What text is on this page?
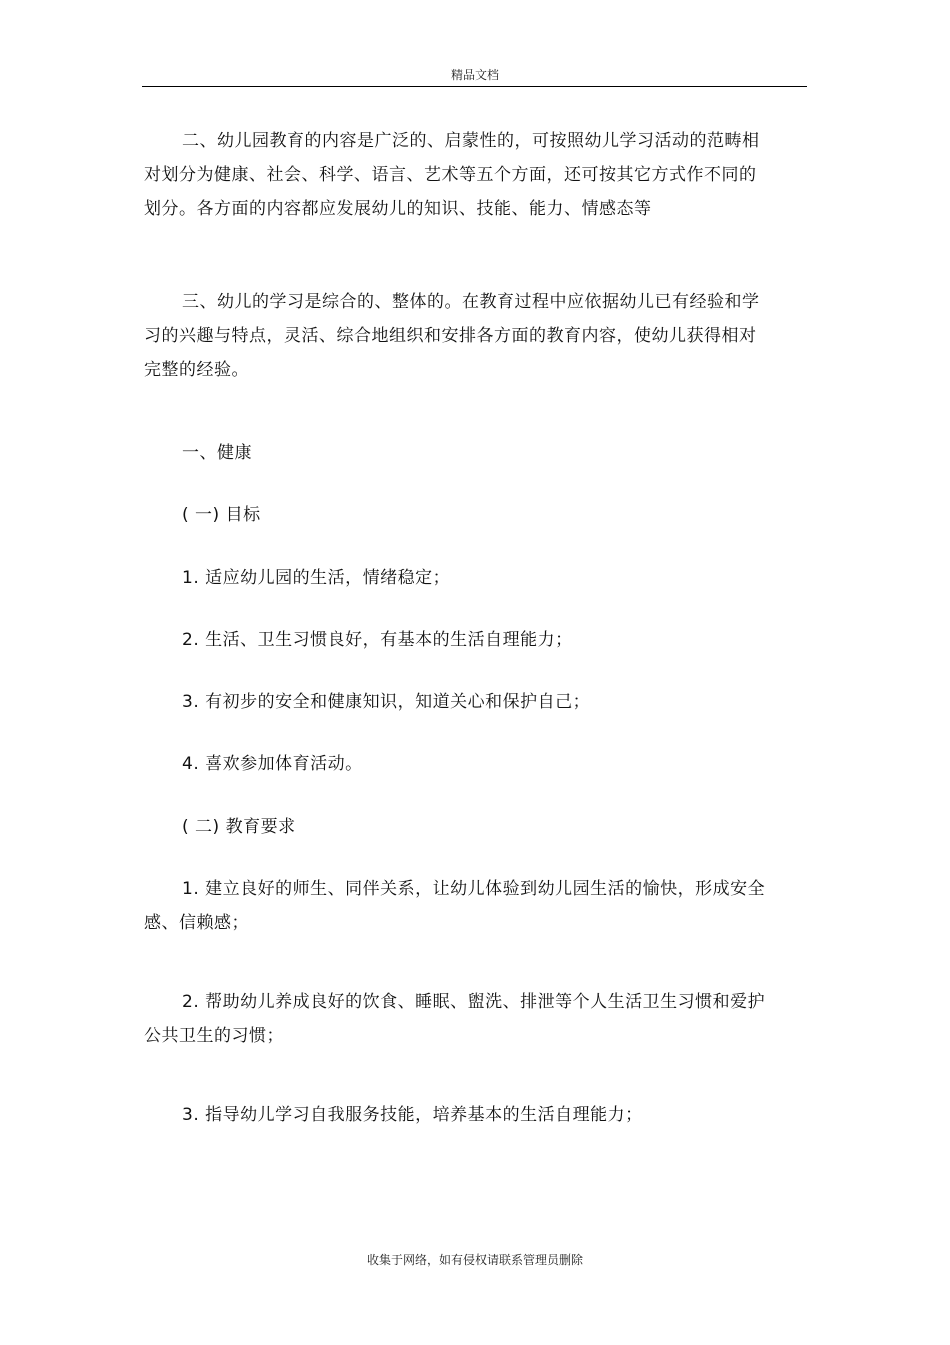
精品文档
二、幼儿园教育的内容是广泛的、启蒙性的，可按照幼儿学习活动的范畴相对划分为健康、社会、科学、语言、艺术等五个方面，还可按其它方式作不同的划分。各方面的内容都应发展幼儿的知识、技能、能力、情感态等
三、幼儿的学习是综合的、整体的。在教育过程中应依据幼儿已有经验和学习的兴趣与特点，灵活、综合地组织和安排各方面的教育内容，使幼儿获得相对完整的经验。
一、健康
( 一) 目标
1. 适应幼儿园的生活，情绪稳定；
2. 生活、卫生习惯良好，有基本的生活自理能力；
3. 有初步的安全和健康知识，知道关心和保护自己；
4. 喜欢参加体育活动。
( 二) 教育要求
1. 建立良好的师生、同伴关系，让幼儿体验到幼儿园生活的愉快，形成安全感、信赖感；
2. 帮助幼儿养成良好的饮食、睡眠、盥洗、排泄等个人生活卫生习惯和爱护公共卫生的习惯；
3. 指导幼儿学习自我服务技能，培养基本的生活自理能力；
收集于网络，如有侵权请联系管理员删除
